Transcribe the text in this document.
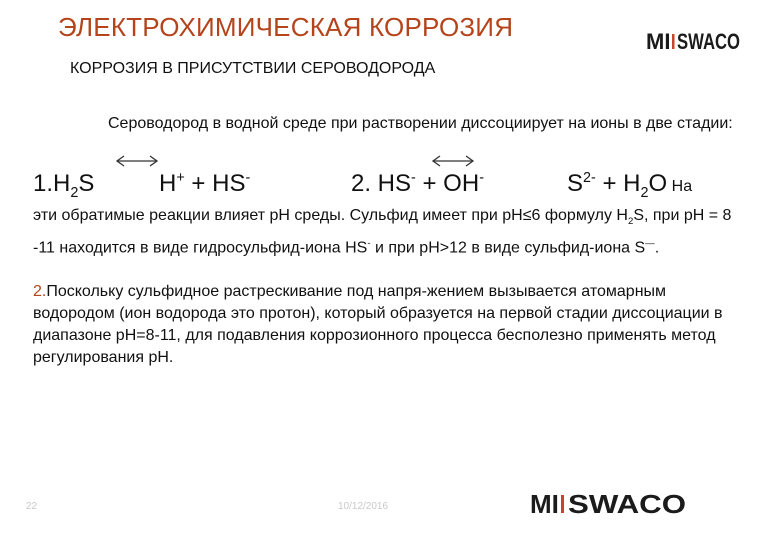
ЭЛЕКТРОХИМИЧЕСКАЯ КОРРОЗИЯ	MI SWACO
КОРРОЗИЯ В ПРИСУТСТВИИ СЕРОВОДОРОДА
Сероводород в водной среде при растворении диссоциирует на ионы в две стадии:
$1.H_2S$	H+ + HS-	2. HS- + OH-	$S^{2-} + H_2O$ На
эти обратимые реакции влияет pH среды. Сульфид имеет при pH≤6 формулу $H_2S$, при pH = 8 -11 находится в виде гидросульфид-иона HS- и при pH>12 в виде сульфид-иона S—.
2.Поскольку сульфидное растрескивание под напря-жением вызывается атомарным водородом (ион водорода это протон), который образуется на первой стадии диссоциации в диапазоне pH=8-11, для подавления коррозионного процесса бесполезно применять метод регулирования pH.
22	10/12/2016	MI SWACO
